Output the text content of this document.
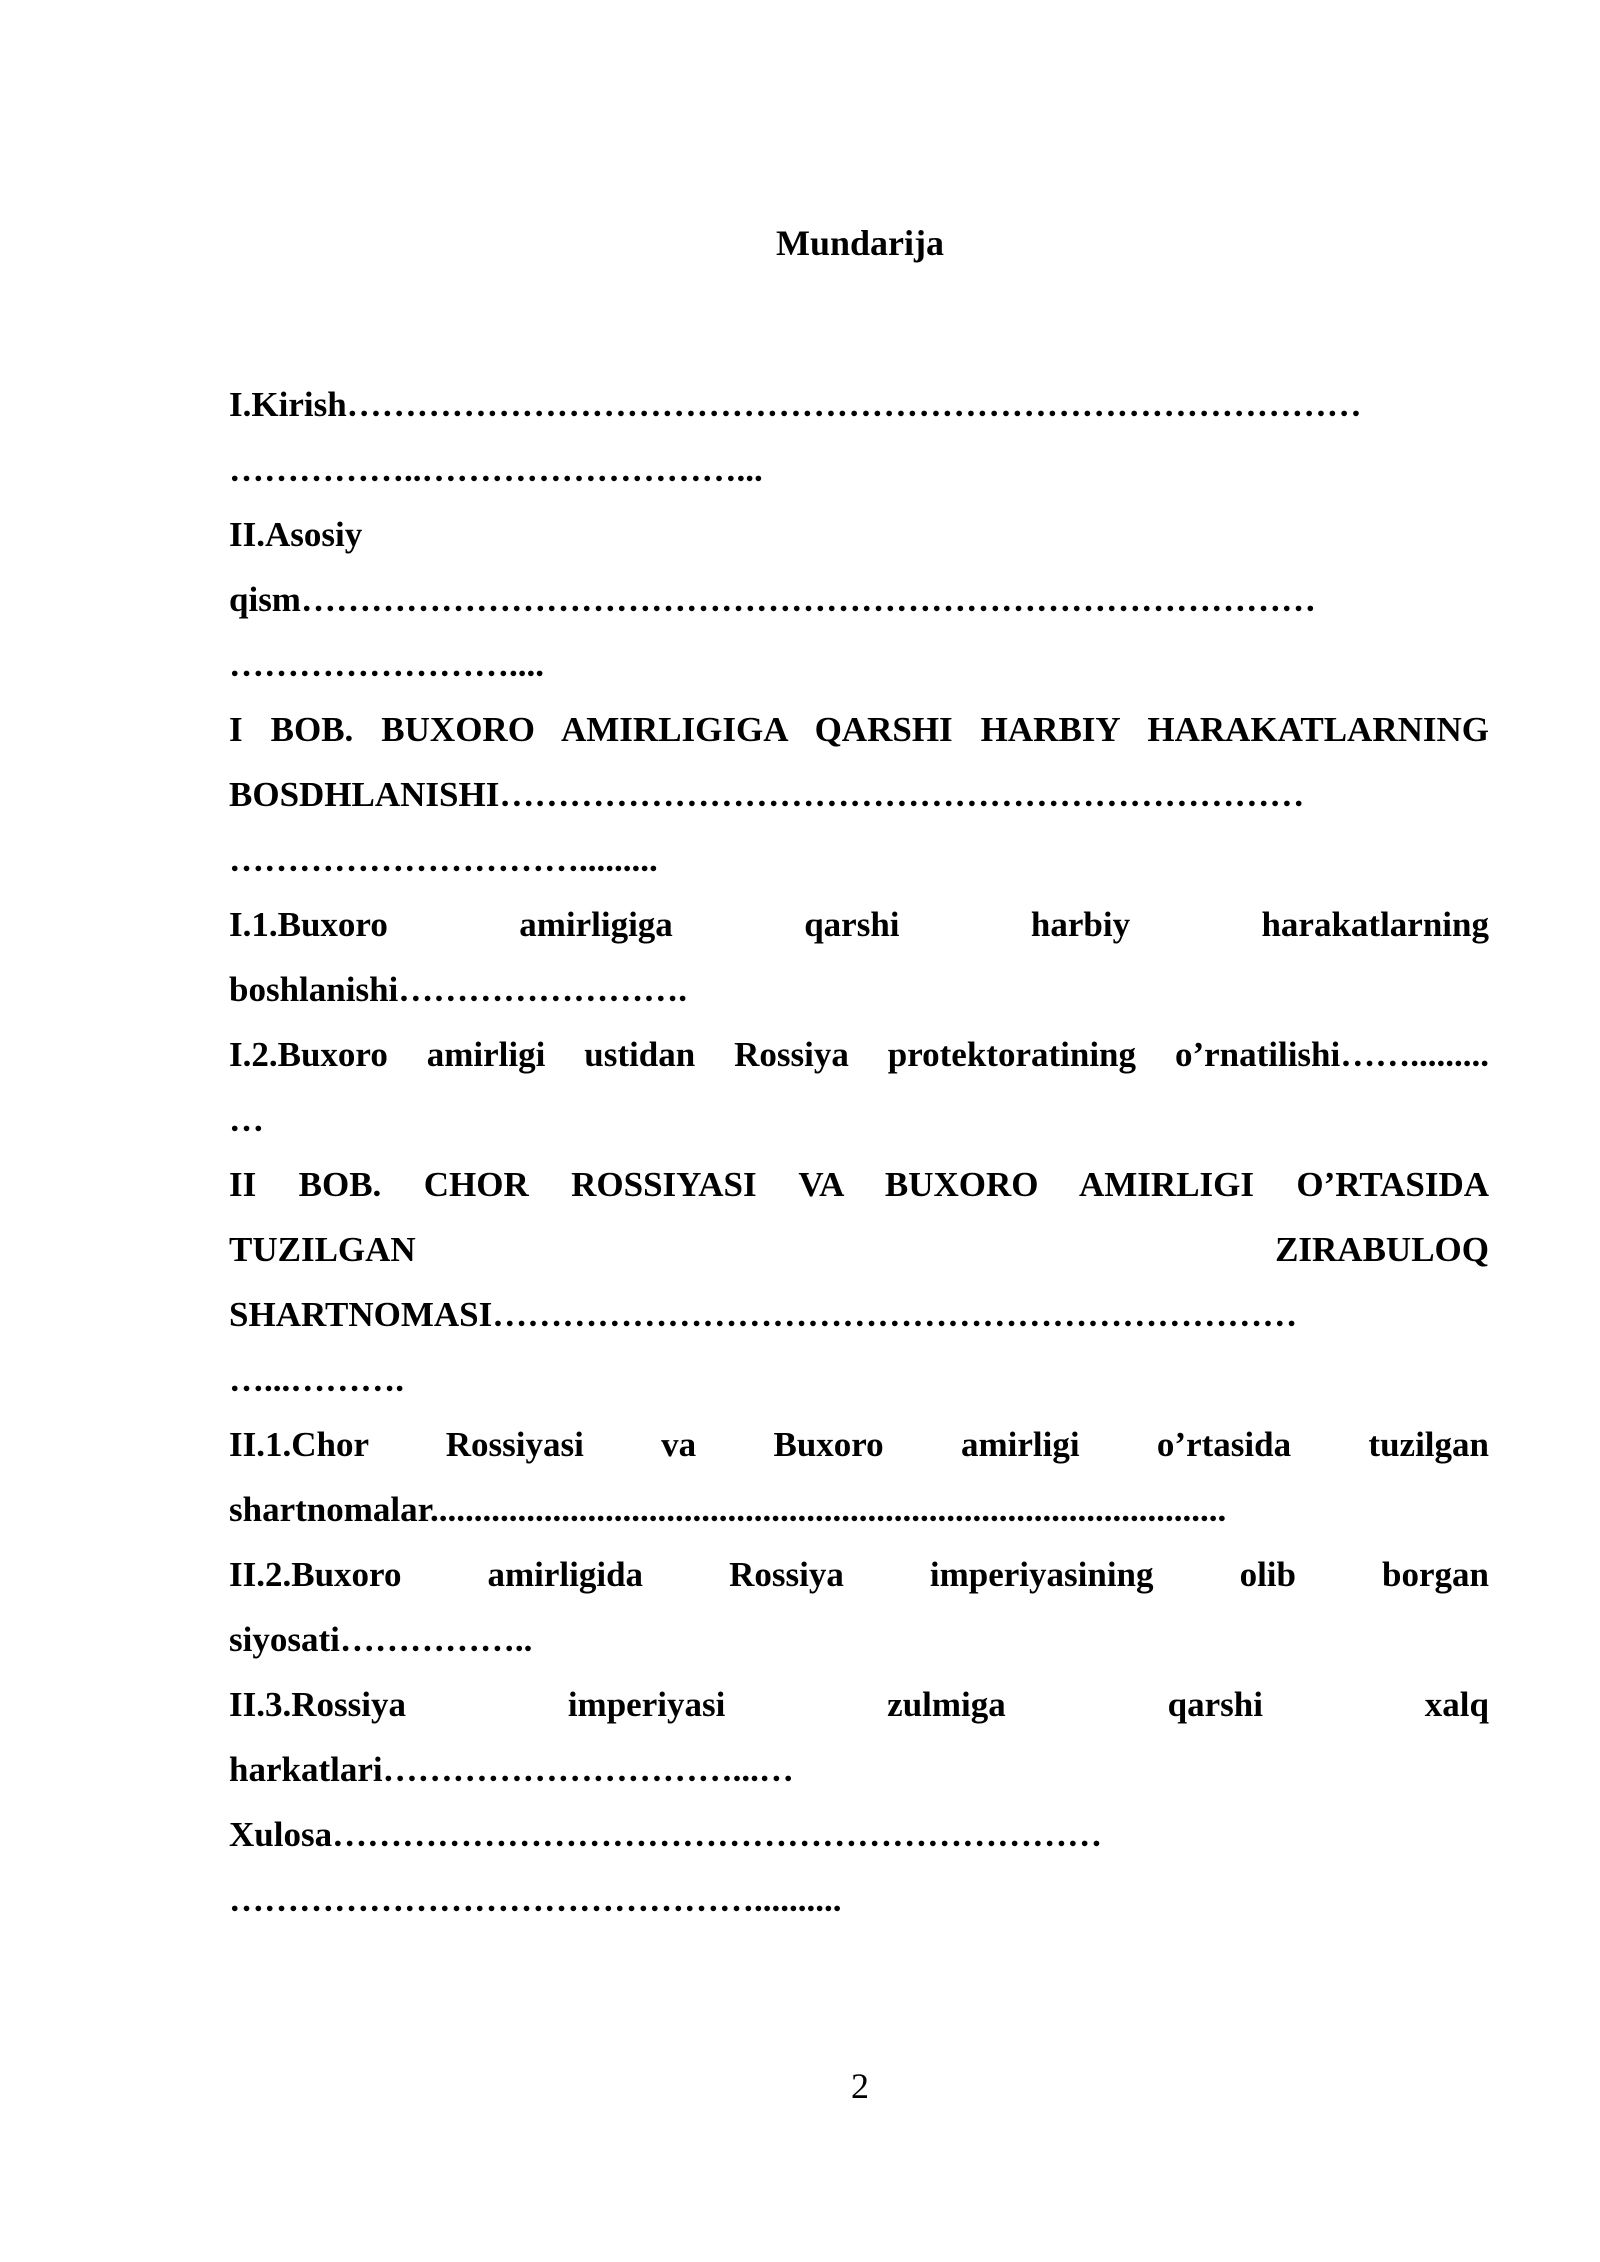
Mundarija
I.Kirish……………………………………………………………………………
……………..………………………...
II.Asosiy
qism……………………………………………………………………………
……………………....
I BOB. BUXORO AMIRLIGIGA QARSHI HARBIY HARAKATLARNING
BOSDHLANISHI……………………………………………………………
………………………….........
I.1.Buxoro amirligiga qarshi harbiy harakatlarning
boshlanishi…………………….
I.2.Buxoro amirligi ustidan Rossiya protektoratining o’rnatilishi…….........
…
II BOB. CHOR ROSSIYASI VA BUXORO AMIRLIGI O’RTASIDA
TUZILGAN ZIRABULOQ
SHARTNOMASI……………………………………………………………
…...……….
II.1.Chor Rossiyasi va Buxoro amirligi o’rtasida tuzilgan
shartnomalar...........................................................................................
II.2.Buxoro amirligida Rossiya imperiyasining olib borgan
siyosati……………..
II.3.Rossiya imperiyasi zulmiga qarshi xalq
harkatlari…………………………...…
Xulosa…………………………………………………………
………………………………………..........
2
